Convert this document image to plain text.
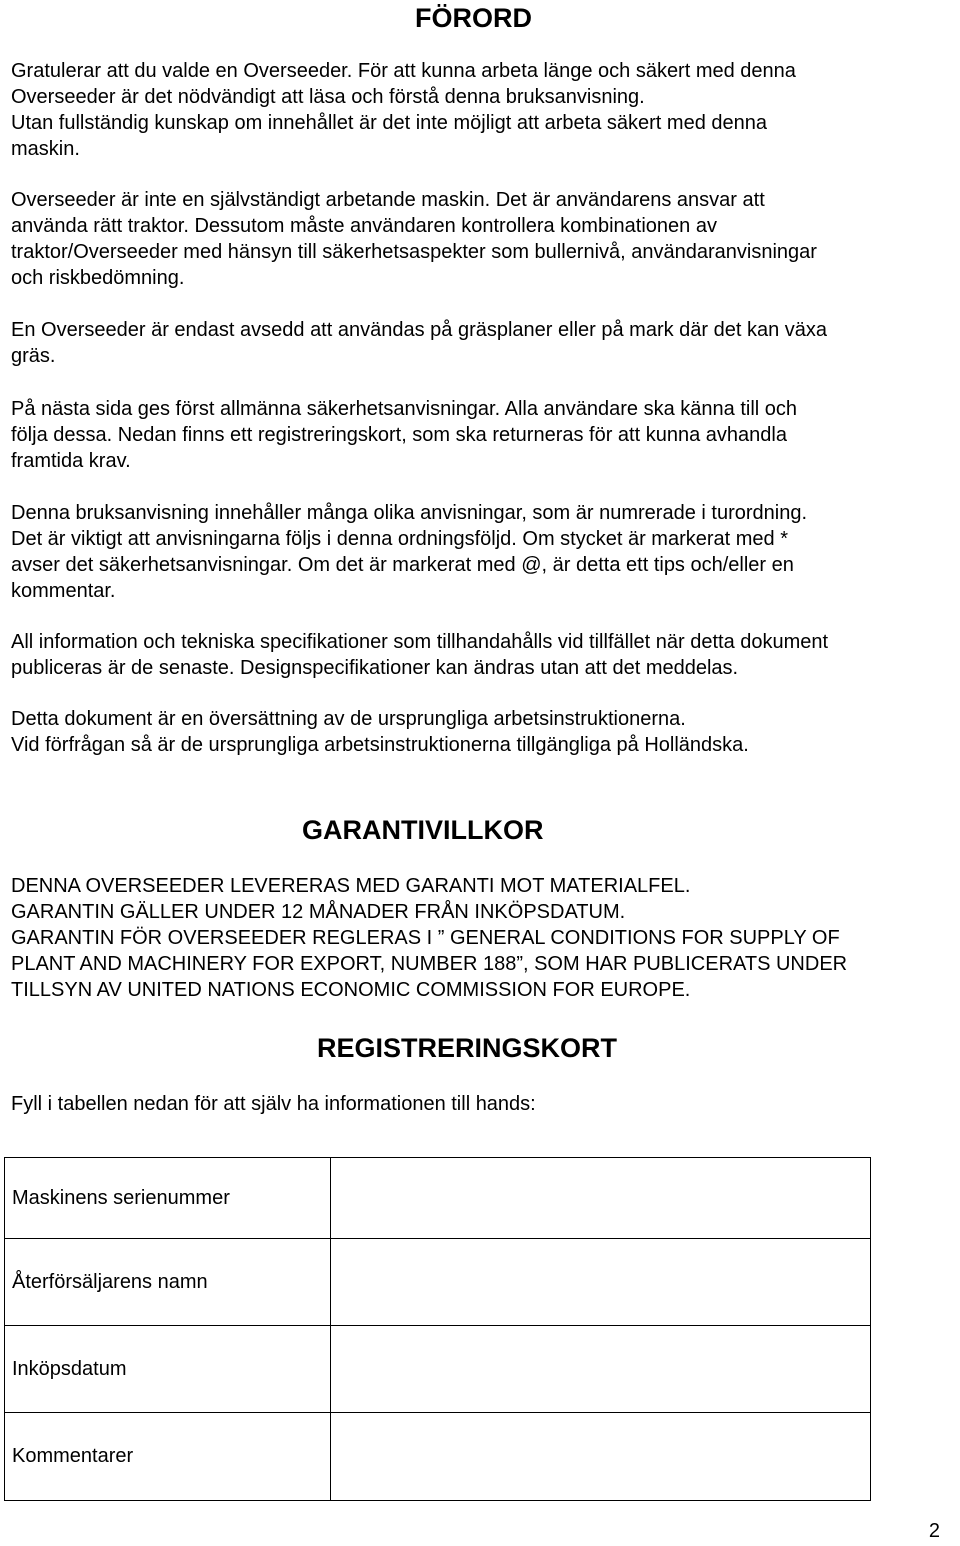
FÖRORD
Gratulerar att du valde en Overseeder. För att kunna arbeta länge och säkert med denna
Overseeder är det nödvändigt att läsa och förstå denna bruksanvisning.
Utan fullständig kunskap om innehållet är det inte möjligt att arbeta säkert med denna
maskin.
Overseeder är inte en självständigt arbetande maskin. Det är användarens ansvar att
använda rätt traktor. Dessutom måste användaren kontrollera kombinationen av
traktor/Overseeder med hänsyn till säkerhetsaspekter som bullernivå, användaranvisningar
och riskbedömning.
En Overseeder är endast avsedd att användas på gräsplaner eller på mark där det kan växa
gräs.
På nästa sida ges först allmänna säkerhetsanvisningar. Alla användare ska känna till och
följa dessa. Nedan finns ett registreringskort, som ska returneras för att kunna avhandla
framtida krav.
Denna bruksanvisning innehåller många olika anvisningar, som är numrerade i turordning.
Det är viktigt att anvisningarna följs i denna ordningsföljd. Om stycket är markerat med *
avser det säkerhetsanvisningar. Om det är markerat med @, är detta ett tips och/eller en
kommentar.
All information och tekniska specifikationer som tillhandahålls vid tillfället när detta dokument
publiceras är de senaste. Designspecifikationer kan ändras utan att det meddelas.
Detta dokument är en översättning av de ursprungliga arbetsinstruktionerna.
Vid förfrågan så är de ursprungliga arbetsinstruktionerna tillgängliga på Holländska.
GARANTIVILLKOR
DENNA OVERSEEDER LEVERERAS MED GARANTI MOT MATERIALFEL.
GARANTIN GÄLLER UNDER 12 MÅNADER FRÅN INKÖPSDATUM.
GARANTIN FÖR OVERSEEDER REGLERAS I ” GENERAL CONDITIONS FOR SUPPLY OF
PLANT AND MACHINERY FOR EXPORT, NUMBER 188”, SOM HAR PUBLICERATS UNDER
TILLSYN AV UNITED NATIONS ECONOMIC COMMISSION FOR EUROPE.
REGISTRERINGSKORT

Fyll i tabellen nedan för att själv ha informationen till hands:

Maskinens serienummer	
Återförsäljarens namn	
Inköpsdatum	
Kommentarer	
2
